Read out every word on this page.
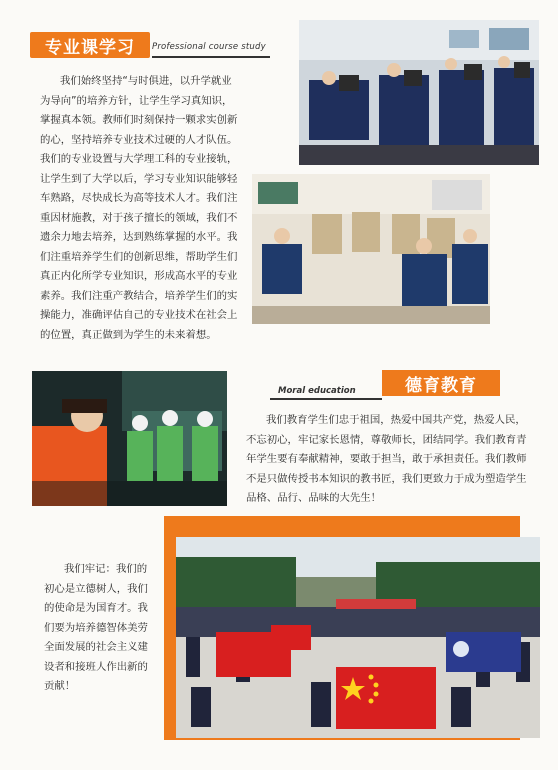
专业课学习	Professional course study
我们始终坚持“与时俱进，以升学就业
为导向”的培养方针，让学生学习真知识，
掌握真本领。教师们时刻保持一颗求实创新
的心，坚持培养专业技术过硬的人才队伍。
我们的专业设置与大学理工科的专业接轨，
让学生到了大学以后，学习专业知识能够轻
车熟路，尽快成长为高等技术人才。我们注
重因材施教，对于孩子擅长的领域，我们不
遗余力地去培养，达到熟练掌握的水平。我
们注重培养学生们的创新思维，帮助学生们
真正内化所学专业知识，形成高水平的专业
素养。我们注重产教结合，培养学生们的实
操能力，准确评估自己的专业技术在社会上
的位置，真正做到为学生的未来着想。
德育教育
Moral education
我们教育学生们忠于祖国，热爱中国共产党，热爱人民，
不忘初心，牢记家长恩情，尊敬师长，团结同学。我们教育青
年学生要有奉献精神，要敢于担当，敢于承担责任。我们教师
不是只做传授书本知识的教书匠，我们更致力于成为塑造学生
品格、品行、品味的大先生！
我们牢记：我们的
初心是立德树人，我们
的使命是为国育才。我
们要为培养德智体美劳
全面发展的社会主义建
设者和接班人作出新的
贡献！
